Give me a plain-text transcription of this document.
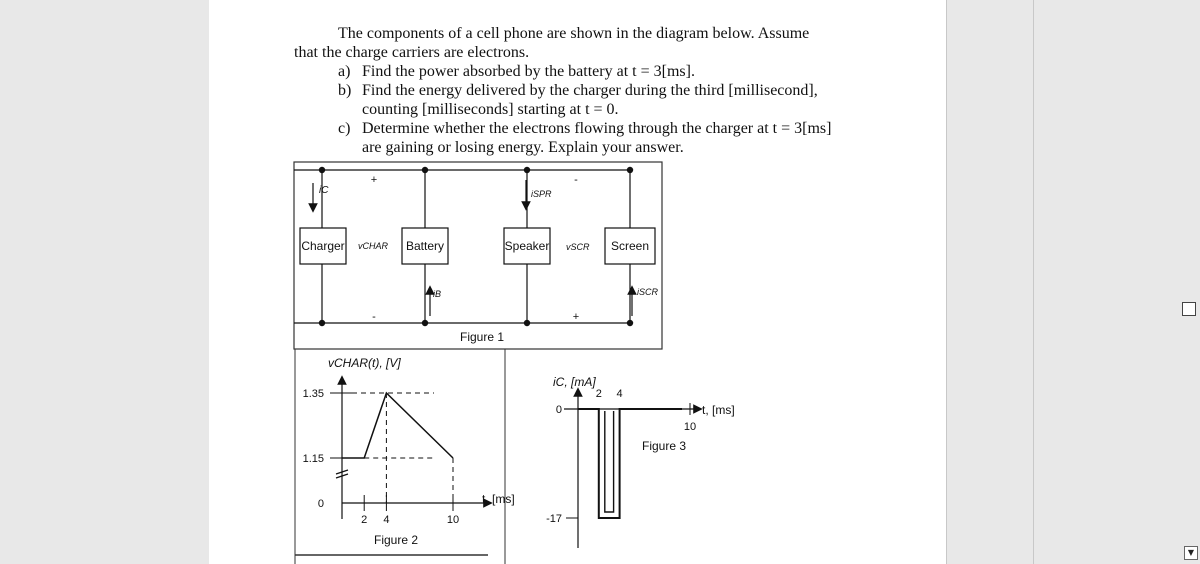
The components of a cell phone are shown in the diagram below. Assume
that the charge carriers are electrons.
a) Find the power absorbed by the battery at t = 3[ms].
b) Find the energy delivered by the charger during the third [millisecond],
counting [milliseconds] starting at t = 0.
c) Determine whether the electrons flowing through the charger at t = 3[ms]
are gaining or losing energy. Explain your answer.
Charger	Battery	Speaker	Screen
vCHAR	vSCR
iC	iSPR
iB	iSCR
+
-	+
-
Figure 1
0
1.15
1.35
2 4	10
vCHAR(t), [V]
t, [ms]
Figure 2
0
-17
2 4
10
iC, [mA]
t, [ms]
Figure 3
▼
